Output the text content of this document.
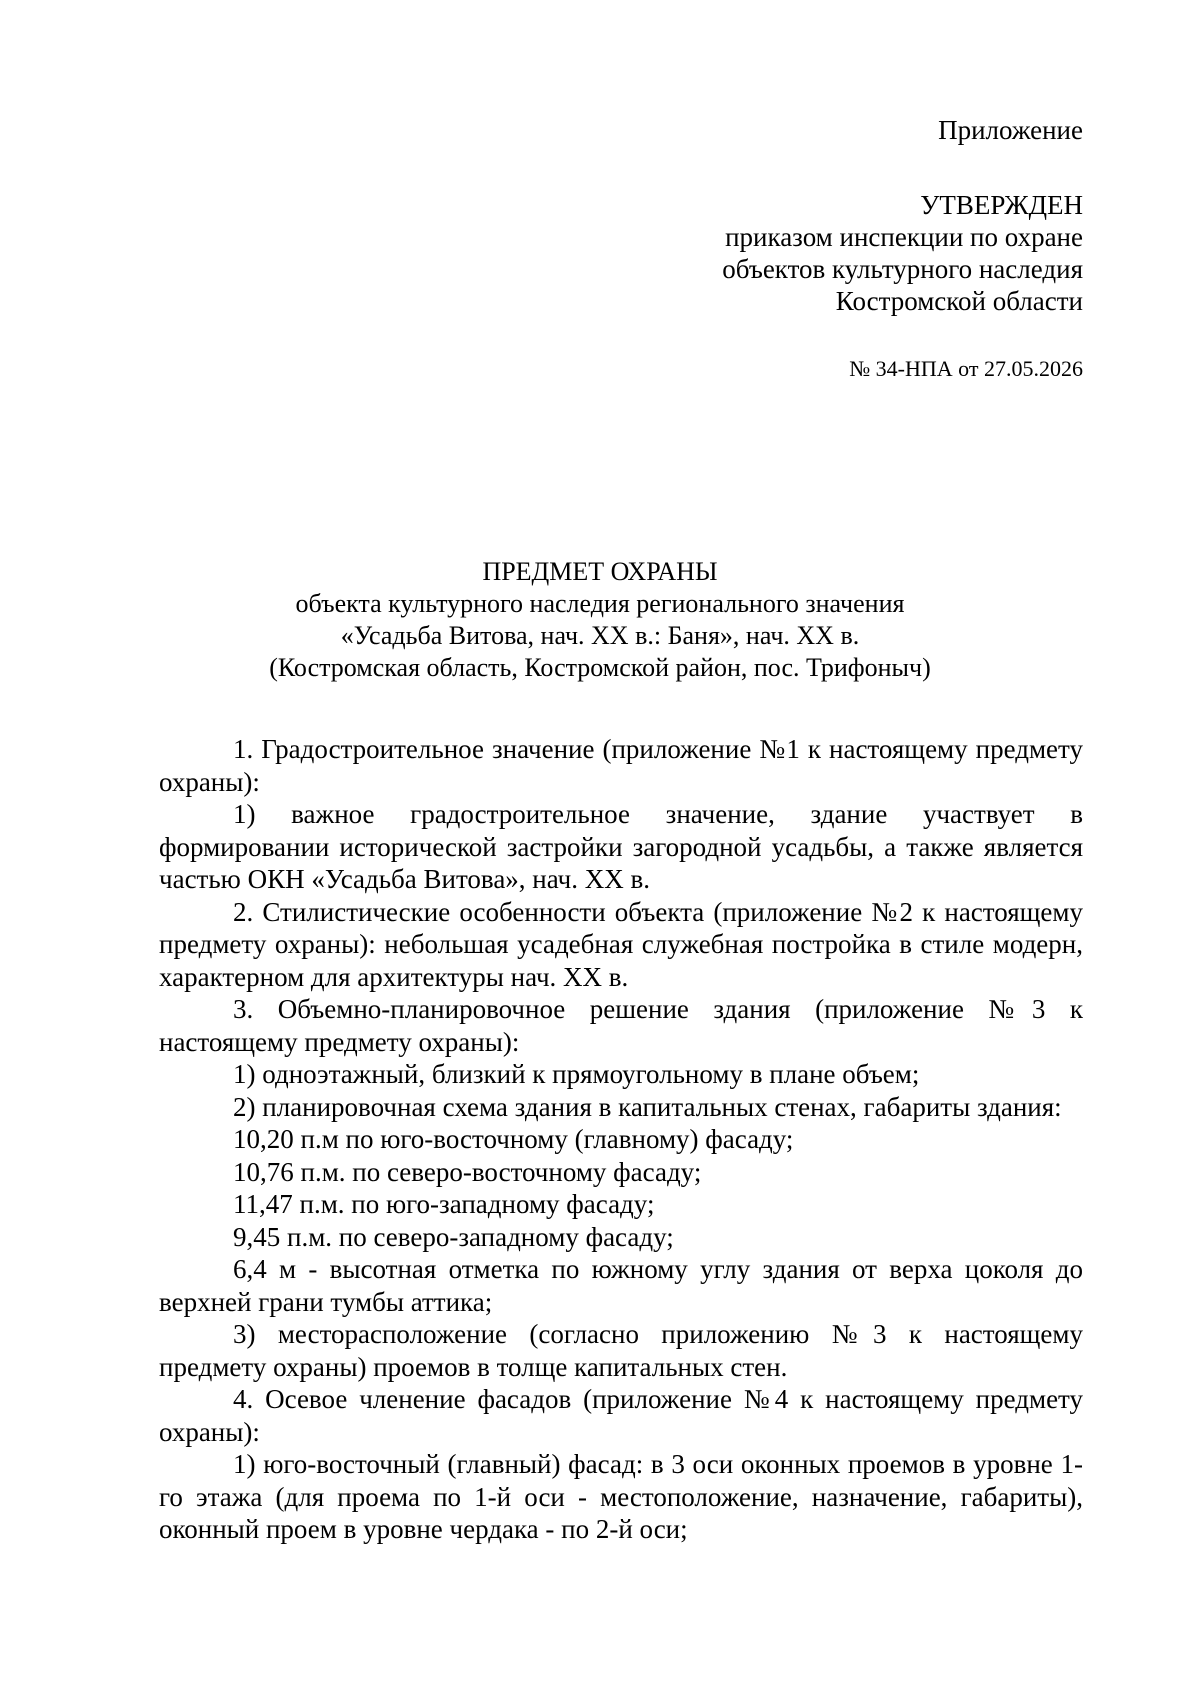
Приложение
УТВЕРЖДЕН
приказом инспекции по охране
объектов культурного наследия
Костромской области
№ 34-НПА от 27.05.2026
ПРЕДМЕТ ОХРАНЫ
объекта культурного наследия регионального значения
«Усадьба Витова, нач. XX в.: Баня», нач. XX в.
(Костромская область, Костромской район, пос. Трифоныч)

1. Градостроительное значение (приложение №1 к настоящему предмету охраны):

1) важное градостроительное значение, здание участвует в формировании исторической застройки загородной усадьбы, а также является частью ОКН «Усадьба Витова», нач. XX в.

2. Стилистические особенности объекта (приложение №2 к настоящему предмету охраны): небольшая усадебная служебная постройка в стиле модерн, характерном для архитектуры нач. XX в.

3. Объемно-планировочное решение здания (приложение №3 к настоящему предмету охраны):

1) одноэтажный, близкий к прямоугольному в плане объем;

2) планировочная схема здания в капитальных стенах, габариты здания:

10,20 п.м по юго-восточному (главному) фасаду;

10,76 п.м. по северо-восточному фасаду;

11,47 п.м. по юго-западному фасаду;

9,45 п.м. по северо-западному фасаду;

6,4 м - высотная отметка по южному углу здания от верха цоколя до верхней грани тумбы аттика;

3) месторасположение (согласно приложению №3 к настоящему предмету охраны) проемов в толще капитальных стен.

4. Осевое членение фасадов (приложение №4 к настоящему предмету охраны):

1) юго-восточный (главный) фасад: в 3 оси оконных проемов в уровне 1-го этажа (для проема по 1-й оси - местоположение, назначение, габариты), оконный проем в уровне чердака - по 2-й оси;
